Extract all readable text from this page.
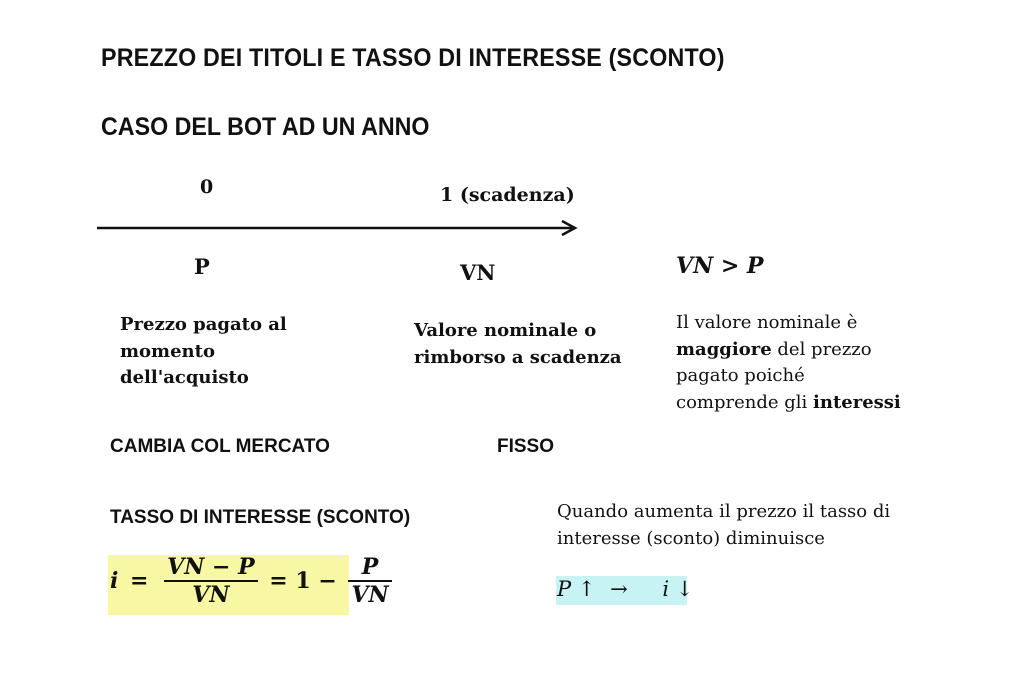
PREZZO DEI TITOLI E TASSO DI INTERESSE (SCONTO)
CASO DEL BOT AD UN ANNO
0	1 (scadenza)
P	VN	VN > P
Prezzo pagato al
momento
dell'acquisto
Valore nominale o
rimborso a scadenza
Il valore nominale è
maggiore del prezzo
pagato poiché
comprende gli interessi
CAMBIA COL MERCATO	FISSO
TASSO DI INTERESSE (SCONTO)
$i = \frac{VN - P}{VN} = 1 - \frac{P}{VN}$
Quando aumenta il prezzo il tasso di
interesse (sconto) diminuisce
P ↑ → i ↓
